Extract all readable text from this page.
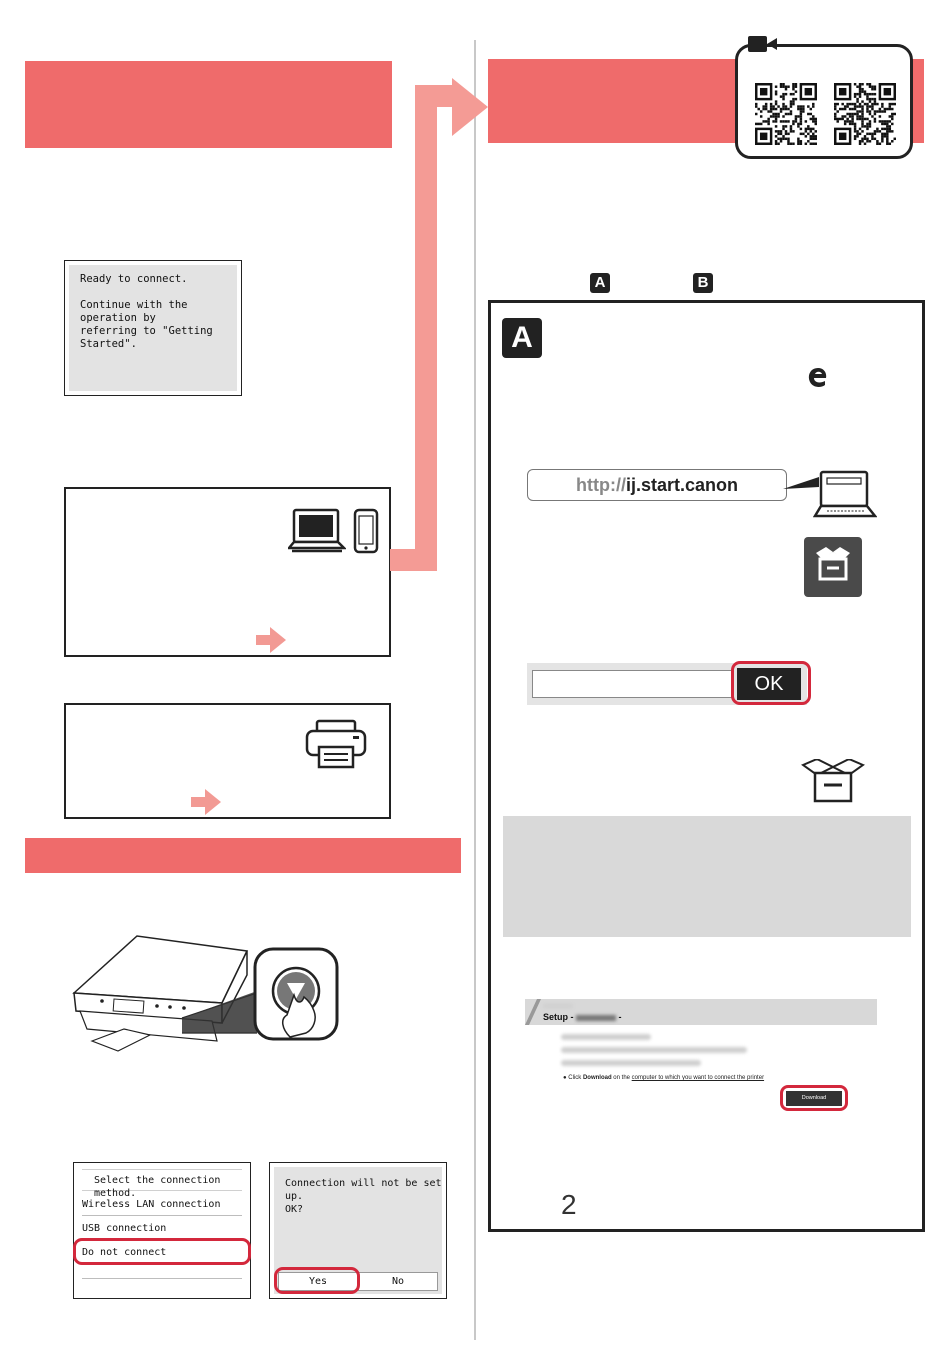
Ready to connect.
Continue with the operation by
referring to "Getting Started".
Select the connection method.
Wireless LAN connection
USB connection
Do not connect
Connection will not be set up.
OK?
Yes	No
A	B
A
http://ij.start.canon
OK
Setup -	-
● Click Download on the computer to which you want to connect the printer
Download
2
